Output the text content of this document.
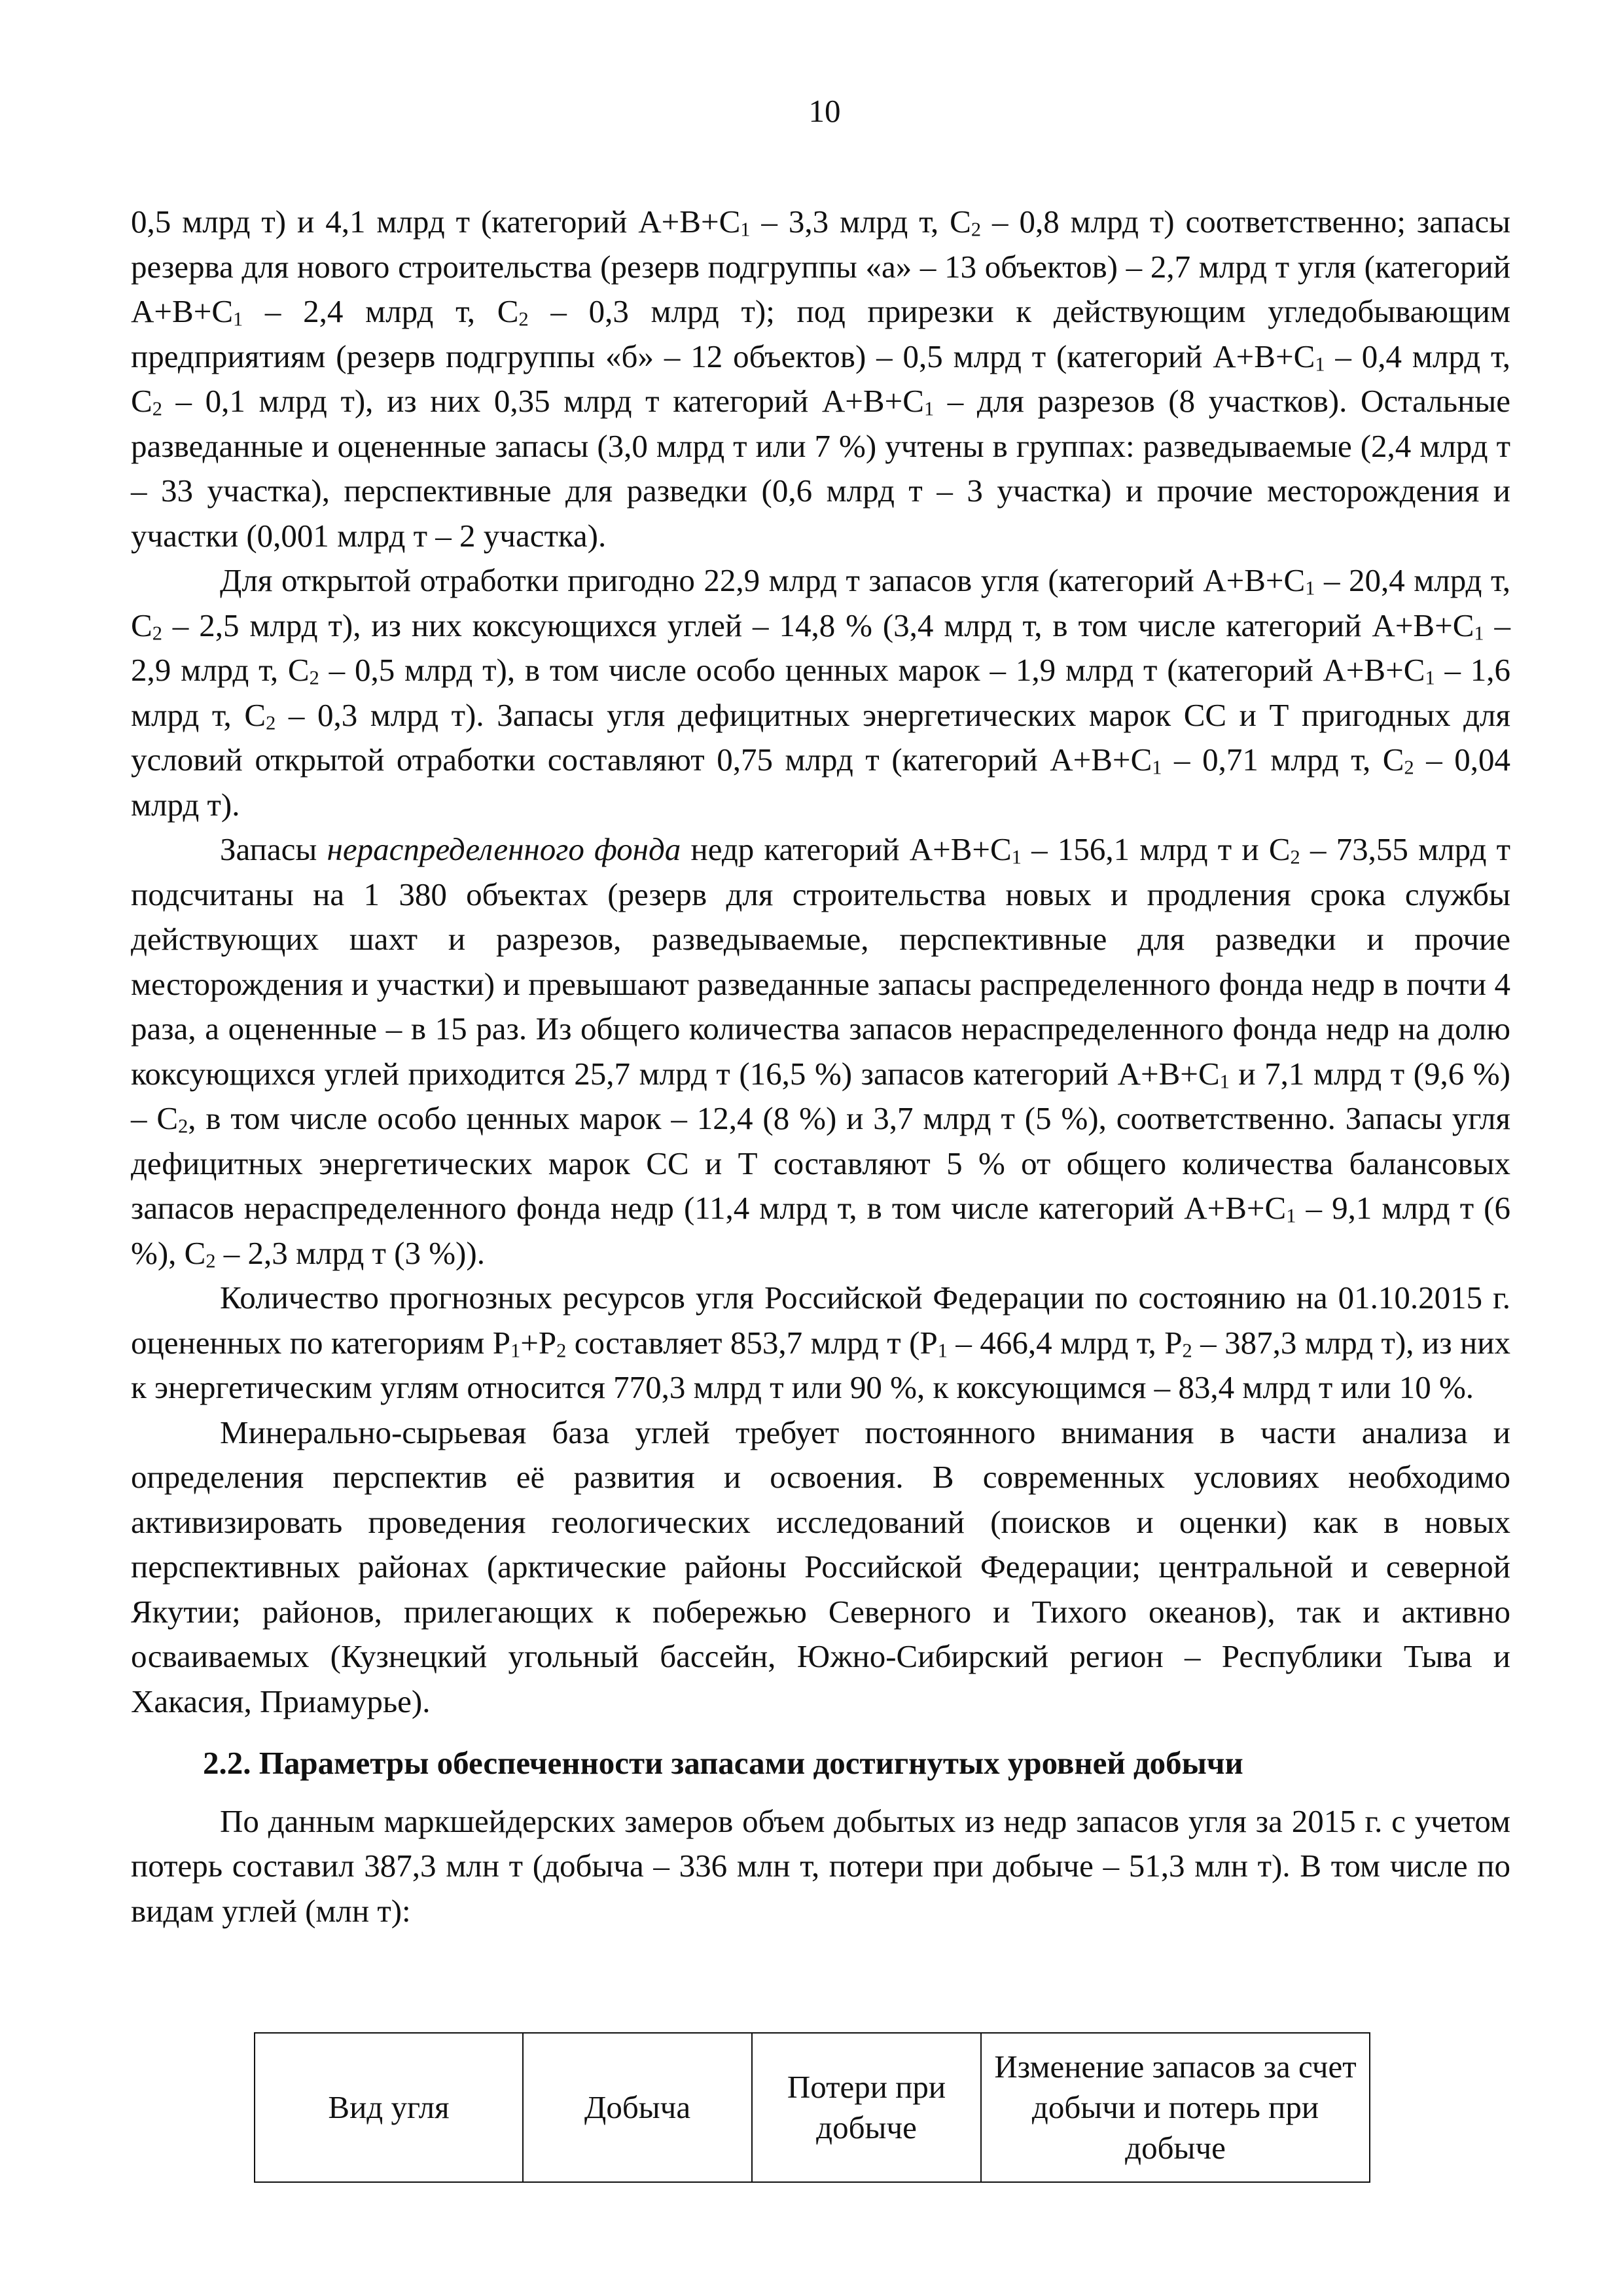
10

0,5 млрд т) и 4,1 млрд т (категорий $А+В+С_1 - 3,3$ млрд т, $С_2 - 0,8$ млрд т) соответственно; запасы резерва для нового строительства (резерв подгруппы «а» – 13 объектов) – 2,7 млрд т угля (категорий $А+В+С_1 - 2,4$ млрд т, $С_2 - 0,3$ млрд т); под прирезки к действующим угледобывающим предприятиям (резерв подгруппы «б» – 12 объектов) – 0,5 млрд т (категорий $А+В+С_1 - 0,4$ млрд т, $С_2 - 0,1$ млрд т), из них 0,35 млрд т категорий $А+В+С_1$ – для разрезов (8 участков). Остальные разведанные и оцененные запасы (3,0 млрд т или 7 %) учтены в группах: разведываемые (2,4 млрд т – 33 участка), перспективные для разведки (0,6 млрд т – 3 участка) и прочие месторождения и участки (0,001 млрд т – 2 участка).

Для открытой отработки пригодно 22,9 млрд т запасов угля (категорий $А+В+С_1 - 20,4$ млрд т, $С_2 - 2,5$ млрд т), из них коксующихся углей – 14,8 % (3,4 млрд т, в том числе категорий $А+В+С_1 - 2,9$ млрд т, $С_2 - 0,5$ млрд т), в том числе особо ценных марок – 1,9 млрд т (категорий $А+В+С_1 - 1,6$ млрд т, $С_2 - 0,3$ млрд т). Запасы угля дефицитных энергетических марок СС и Т пригодных для условий открытой отработки составляют 0,75 млрд т (категорий $А+В+С_1 - 0,71$ млрд т, $С_2 - 0,04$ млрд т).

Запасы нераспределенного фонда недр категорий $А+В+С_1 - 156,1$ млрд т и $С_2 - 73,55$ млрд т подсчитаны на 1 380 объектах (резерв для строительства новых и продления срока службы действующих шахт и разрезов, разведываемые, перспективные для разведки и прочие месторождения и участки) и превышают разведанные запасы распределенного фонда недр в почти 4 раза, а оцененные – в 15 раз. Из общего количества запасов нераспределенного фонда недр на долю коксующихся углей приходится 25,7 млрд т (16,5 %) запасов категорий $А+В+С_1$ и 7,1 млрд т (9,6 %) – $С_2$, в том числе особо ценных марок – 12,4 (8 %) и 3,7 млрд т (5 %), соответственно. Запасы угля дефицитных энергетических марок СС и Т составляют 5 % от общего количества балансовых запасов нераспределенного фонда недр (11,4 млрд т, в том числе категорий $А+В+С_1 - 9,1$ млрд т (6 %), $С_2 - 2,3$ млрд т (3 %)).

Количество прогнозных ресурсов угля Российской Федерации по состоянию на 01.10.2015 г. оцененных по категориям $Р_1+Р_2$ составляет 853,7 млрд т ($Р_1 - 466,4$ млрд т, $Р_2 - 387,3$ млрд т), из них к энергетическим углям относится 770,3 млрд т или 90 %, к коксующимся – 83,4 млрд т или 10 %.

Минерально-сырьевая база углей требует постоянного внимания в части анализа и определения перспектив её развития и освоения. В современных условиях необходимо активизировать проведения геологических исследований (поисков и оценки) как в новых перспективных районах (арктические районы Российской Федерации; центральной и северной Якутии; районов, прилегающих к побережью Северного и Тихого океанов), так и активно осваиваемых (Кузнецкий угольный бассейн, Южно-Сибирский регион – Республики Тыва и Хакасия, Приамурье).

2.2. Параметры обеспеченности запасами достигнутых уровней добычи

По данным маркшейдерских замеров объем добытых из недр запасов угля за 2015 г. с учетом потерь составил 387,3 млн т (добыча – 336 млн т, потери при добыче – 51,3 млн т). В том числе по видам углей (млн т):

Вид угля	Добыча	Потери при добыче	Изменение запасов за счет добычи и потерь при добыче
